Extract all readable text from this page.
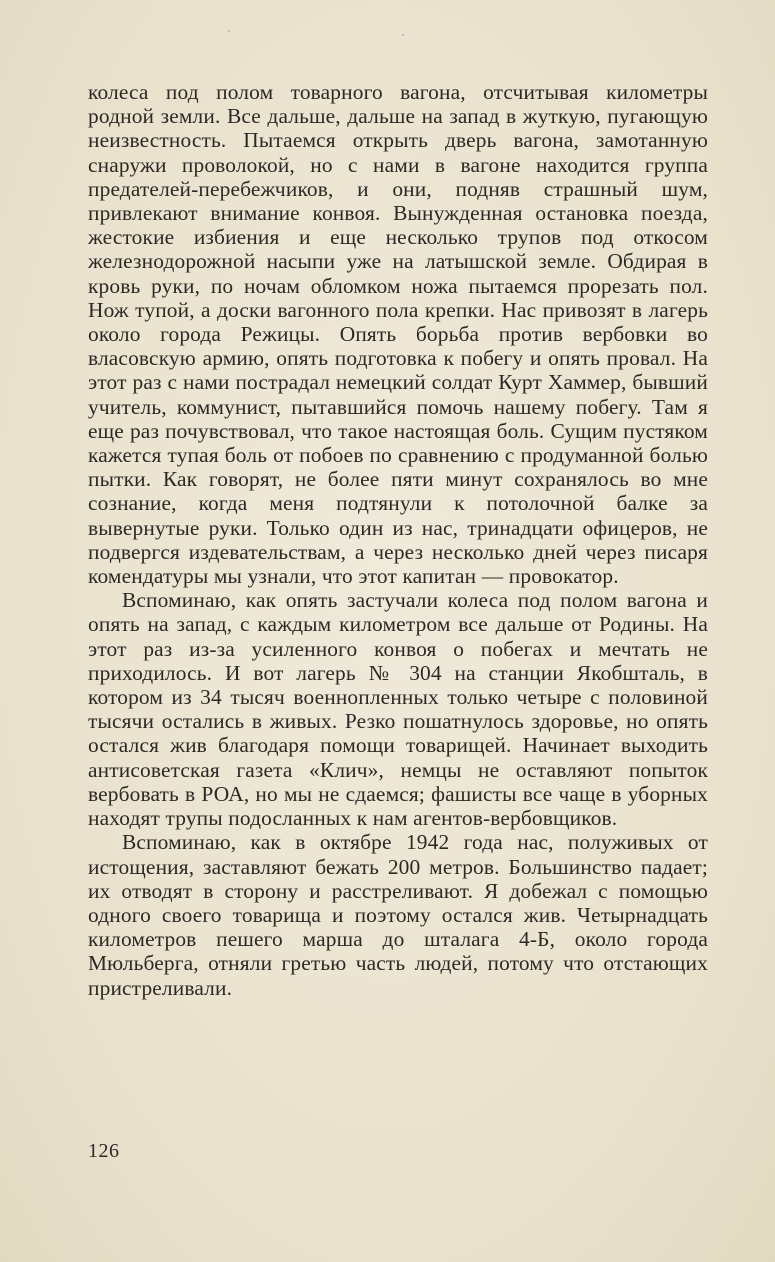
колеса под полом товарного вагона, отсчитывая километры родной земли. Все дальше, дальше на запад в жуткую, пугающую неизвестность. Пытаемся открыть дверь вагона, замотанную снаружи проволокой, но с нами в вагоне находится группа предателей-перебежчиков, и они, подняв страшный шум, привлекают внимание конвоя. Вынужденная остановка поезда, жестокие избиения и еще несколько трупов под откосом железнодорожной насыпи уже на латышской земле. Обдирая в кровь руки, по ночам обломком ножа пытаемся прорезать пол. Нож тупой, а доски вагонного пола крепки. Нас привозят в лагерь около города Режицы. Опять борьба против вербовки во власовскую армию, опять подготовка к побегу и опять провал. На этот раз с нами пострадал немецкий солдат Курт Хаммер, бывший учитель, коммунист, пытавшийся помочь нашему побегу. Там я еще раз почувствовал, что такое настоящая боль. Сущим пустяком кажется тупая боль от побоев по сравнению с продуманной болью пытки. Как говорят, не более пяти минут сохранялось во мне сознание, когда меня подтянули к потолочной балке за вывернутые руки. Только один из нас, тринадцати офицеров, не подвергся издевательствам, а через несколько дней через писаря комендатуры мы узнали, что этот капитан — провокатор.

Вспоминаю, как опять застучали колеса под полом вагона и опять на запад, с каждым километром все дальше от Родины. На этот раз из-за усиленного конвоя о побегах и мечтать не приходилось. И вот лагерь № 304 на станции Якобшталь, в котором из 34 тысяч военнопленных только четыре с половиной тысячи остались в живых. Резко пошатнулось здоровье, но опять остался жив благодаря помощи товарищей. Начинает выходить антисоветская газета «Клич», немцы не оставляют попыток вербовать в РОА, но мы не сдаемся; фашисты все чаще в уборных находят трупы подосланных к нам агентов-вербовщиков.

Вспоминаю, как в октябре 1942 года нас, полуживых от истощения, заставляют бежать 200 метров. Большинство падает; их отводят в сторону и расстреливают. Я добежал с помощью одного своего товарища и поэтому остался жив. Четырнадцать километров пешего марша до шталага 4-Б, около города Мюльберга, отняли гретью часть людей, потому что отстающих пристреливали.

126
